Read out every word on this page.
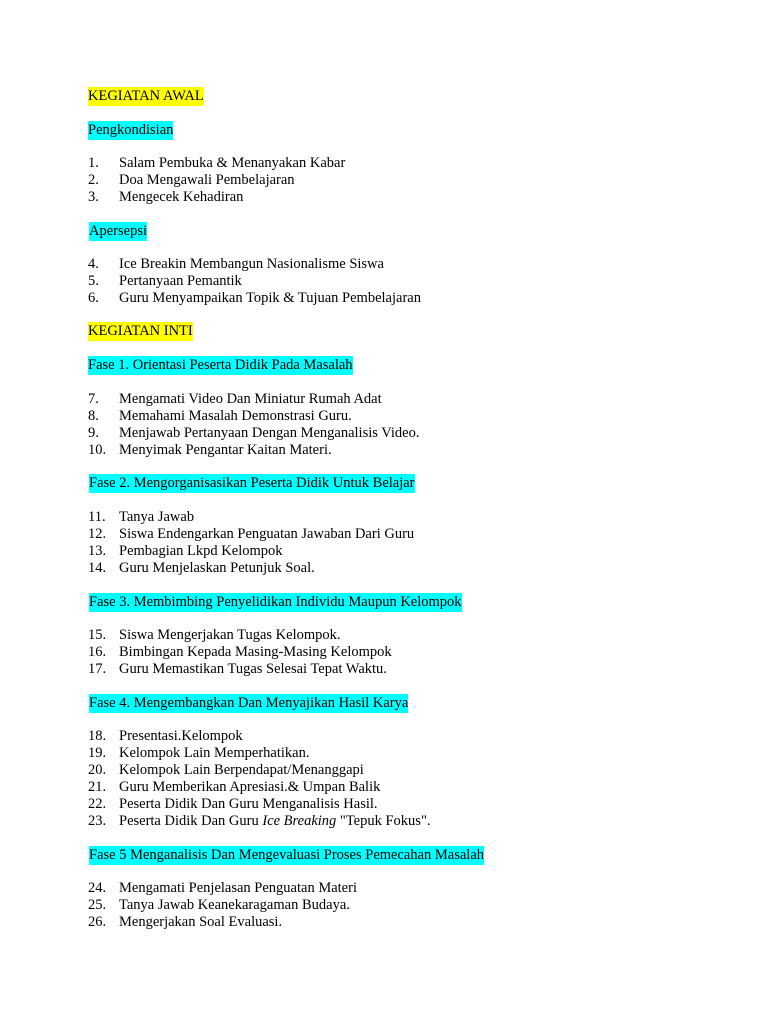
KEGIATAN AWAL
Pengkondisian
1.	Salam Pembuka & Menanyakan Kabar
2.	Doa Mengawali Pembelajaran
3.	Mengecek Kehadiran
Apersepsi
4.	Ice Breakin Membangun Nasionalisme Siswa
5.	Pertanyaan Pemantik
6.	Guru Menyampaikan Topik & Tujuan Pembelajaran
KEGIATAN INTI
Fase 1. Orientasi Peserta Didik Pada Masalah
7.	Mengamati Video Dan Miniatur Rumah Adat
8.	Memahami Masalah Demonstrasi Guru.
9.	Menjawab Pertanyaan Dengan Menganalisis Video.
10. Menyimak Pengantar Kaitan Materi.
Fase 2. Mengorganisasikan Peserta Didik Untuk Belajar
11. Tanya Jawab
12. Siswa Endengarkan Penguatan Jawaban Dari Guru
13. Pembagian Lkpd Kelompok
14. Guru Menjelaskan Petunjuk Soal.
Fase 3. Membimbing Penyelidikan Individu Maupun Kelompok
15. Siswa Mengerjakan Tugas Kelompok.
16. Bimbingan Kepada Masing-Masing Kelompok
17. Guru Memastikan Tugas Selesai Tepat Waktu.
Fase 4. Mengembangkan Dan Menyajikan Hasil Karya
18. Presentasi.Kelompok
19. Kelompok Lain Memperhatikan.
20. Kelompok Lain Berpendapat/Menanggapi
21. Guru Memberikan Apresiasi.& Umpan Balik
22. Peserta Didik Dan Guru Menganalisis Hasil.
23. Peserta Didik Dan Guru Ice Breaking "Tepuk Fokus".
Fase 5 Menganalisis Dan Mengevaluasi Proses Pemecahan Masalah
24. Mengamati Penjelasan Penguatan Materi
25. Tanya Jawab Keanekaragaman Budaya.
26. Mengerjakan Soal Evaluasi.
